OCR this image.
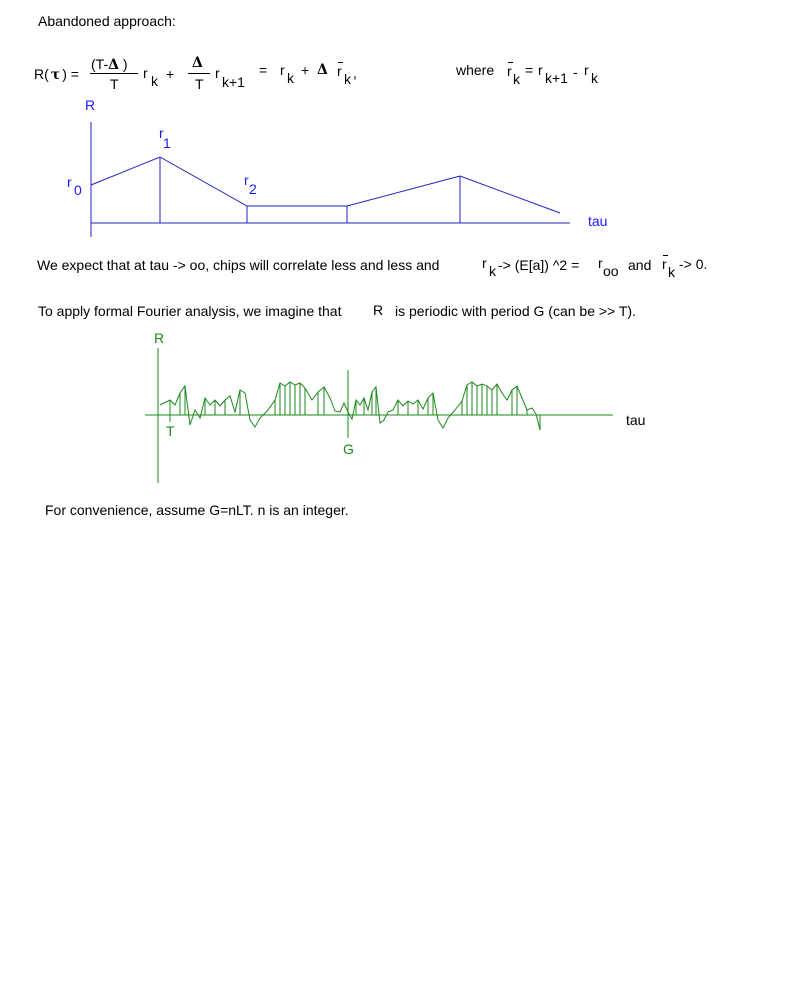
Abandoned approach:
R( τ ) =
(T-Δ )
T
r k +
Δ
T
r
k+1
= r k + Δ r k ,	where r k
= r k+1 - r k
R
tau
r 0
r
1
r
2
We expect that at tau -> oo, chips will correlate less and less and	r k -> (E[a]) ^2 = r oo and r k -> 0.
To apply formal Fourier analysis, we imagine that R is periodic with period G (can be >> T).
R
tau
T
G
For convenience, assume G=nLT. n is an integer.
